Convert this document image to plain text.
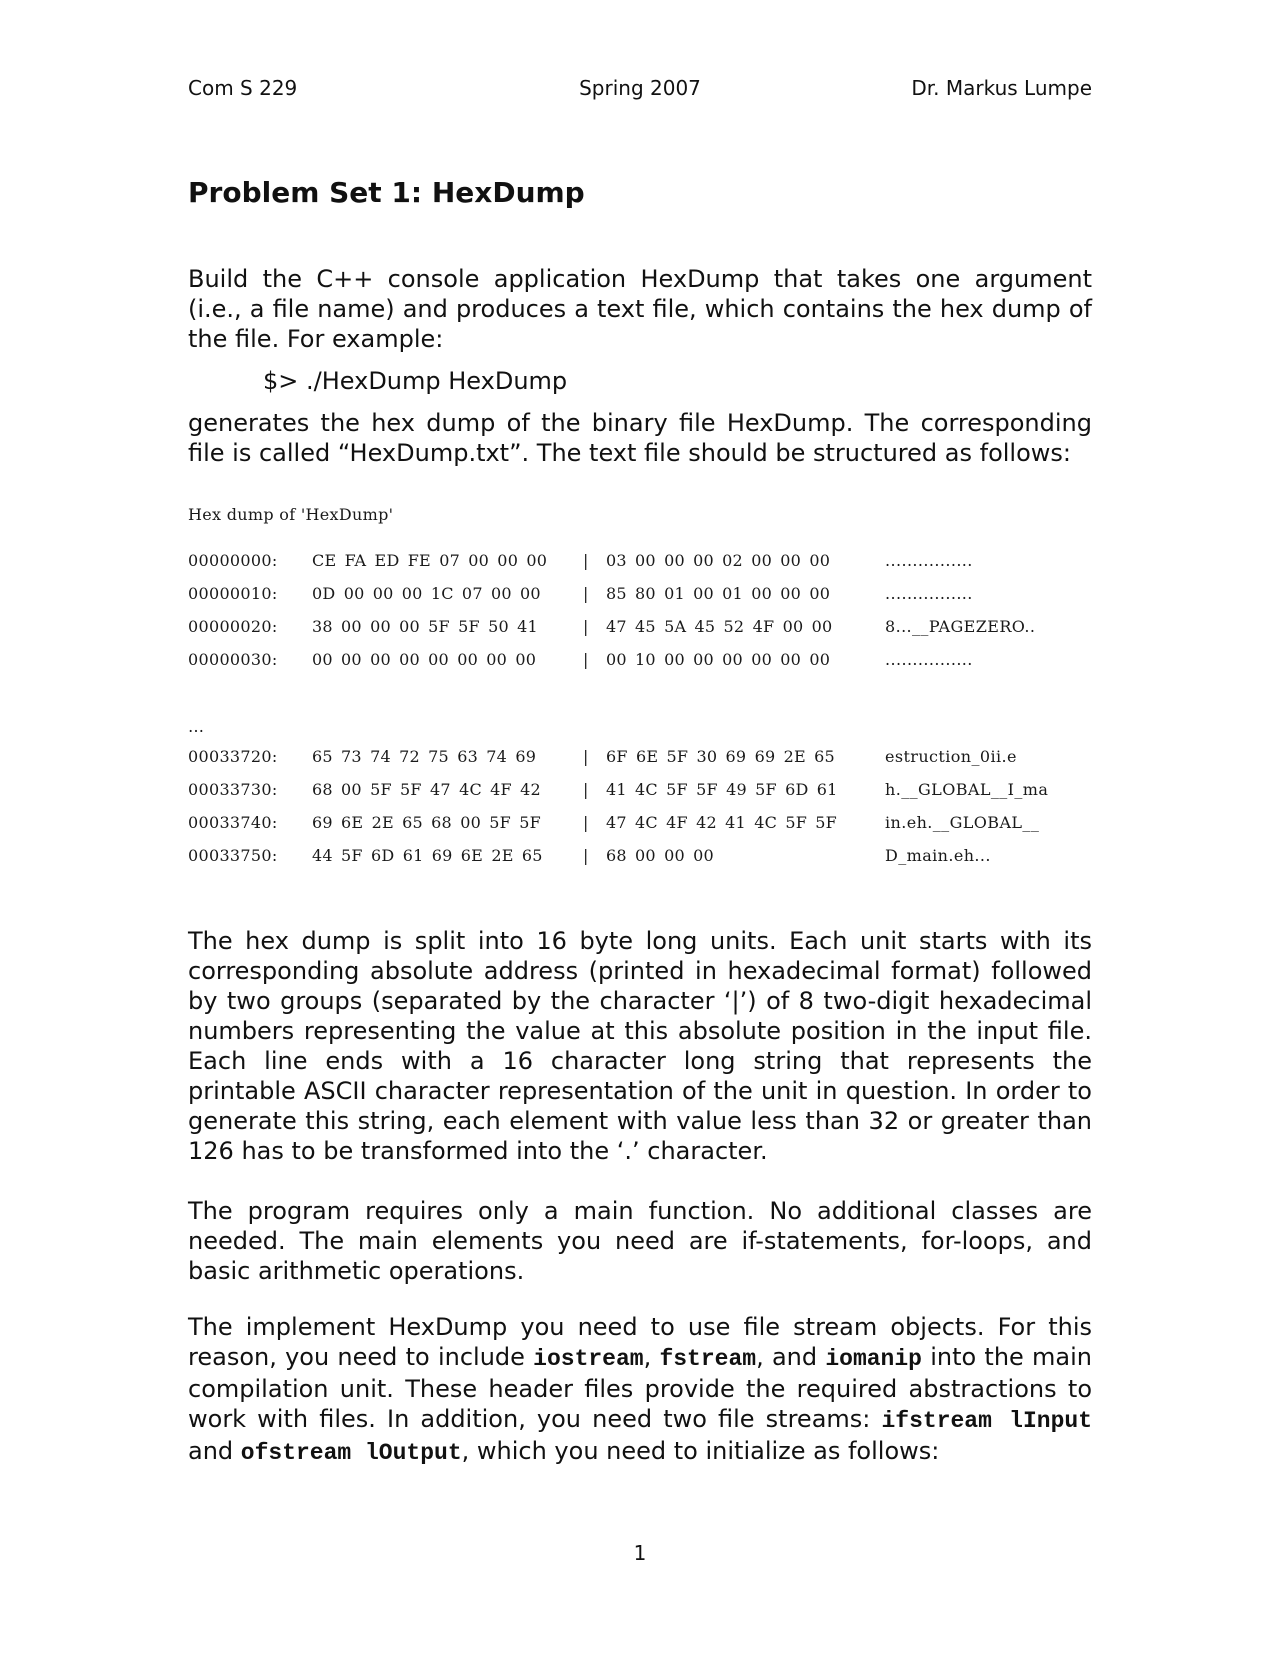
Com S 229	Spring 2007	Dr. Markus Lumpe
Problem Set 1: HexDump

Build the C++ console application HexDump that takes one argument (i.e., a file name) and produces a text file, which contains the hex dump of the file. For example:

$> ./HexDump HexDump

generates the hex dump of the binary file HexDump. The corresponding file is called “HexDump.txt”. The text file should be structured as follows:

Hex dump of 'HexDump'
00000000: CE FA ED FE 07 00 00 00 | 03 00 00 00 02 00 00 00	................
00000010: 0D 00 00 00 1C 07 00 00	| 85 80 01 00 01 00 00 00	................
00000020: 38 00 00 00 5F 5F 50 41	| 47 45 5A 45 52 4F 00 00	8...__PAGEZERO..
00000030: 00 00 00 00 00 00 00 00	| 00 10 00 00 00 00 00 00	................
…
00033720: 65 73 74 72 75 63 74 69	| 6F 6E 5F 30 69 69 2E 65	estruction_0ii.e
00033730: 68 00 5F 5F 47 4C 4F 42	| 41 4C 5F 5F 49 5F 6D 61	h.__GLOBAL__I_ma
00033740: 69 6E 2E 65 68 00 5F 5F	| 47 4C 4F 42 41 4C 5F 5F	in.eh.__GLOBAL__
00033750: 44 5F 6D 61 69 6E 2E 65	| 68 00 00 00	D_main.eh...

The hex dump is split into 16 byte long units. Each unit starts with its corresponding absolute address (printed in hexadecimal format) followed by two groups (separated by the character ‘|’) of 8 two-digit hexadecimal numbers representing the value at this absolute position in the input file. Each line ends with a 16 character long string that represents the printable ASCII character representation of the unit in question. In order to generate this string, each element with value less than 32 or greater than 126 has to be transformed into the ‘.’ character.

The program requires only a main function. No additional classes are needed. The main elements you need are if-statements, for-loops, and basic arithmetic operations.

The implement HexDump you need to use file stream objects. For this reason, you need to include iostream, fstream, and iomanip into the main compilation unit. These header files provide the required abstractions to work with files. In addition, you need two file streams: ifstream lInput and ofstream lOutput, which you need to initialize as follows:

1
